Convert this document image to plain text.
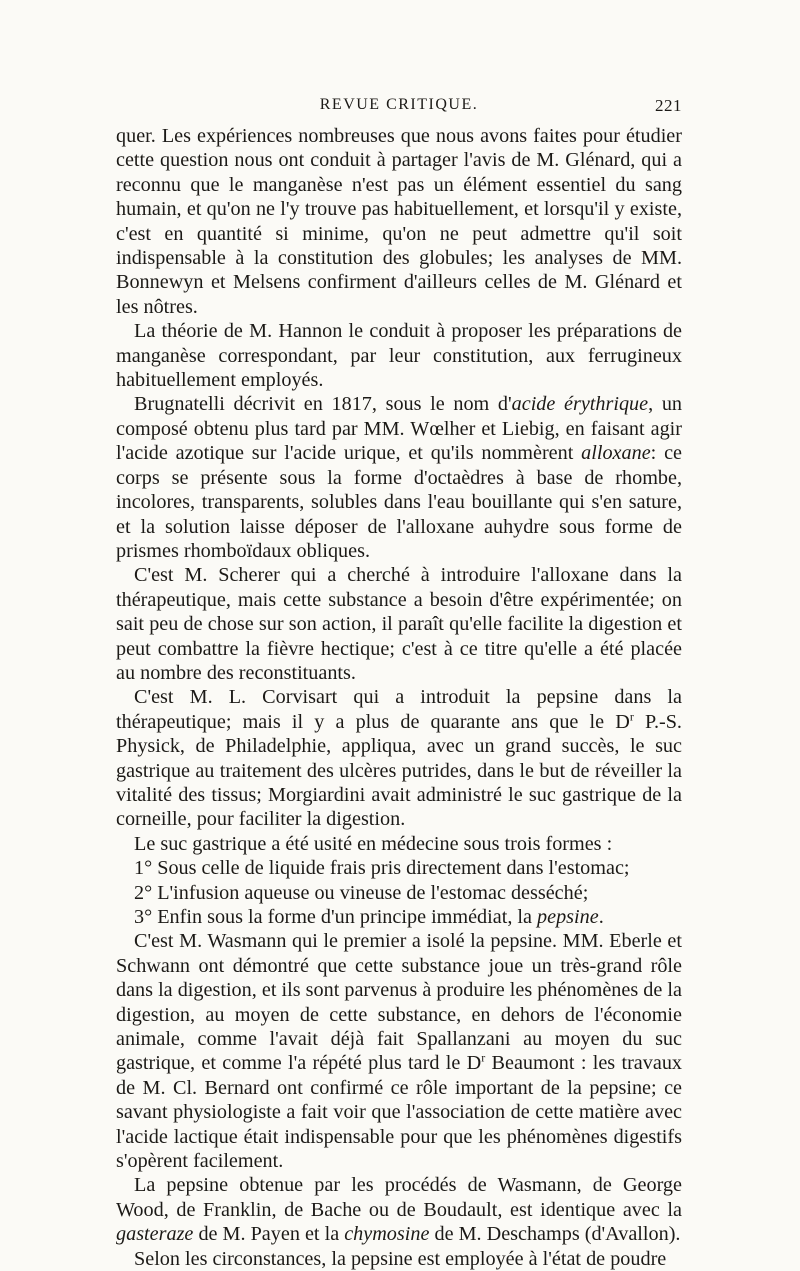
REVUE CRITIQUE.	221

quer. Les expériences nombreuses que nous avons faites pour étudier cette question nous ont conduit à partager l'avis de M. Glénard, qui a reconnu que le manganèse n'est pas un élément essentiel du sang humain, et qu'on ne l'y trouve pas habituellement, et lorsqu'il y existe, c'est en quantité si minime, qu'on ne peut admettre qu'il soit indispensable à la constitution des globules; les analyses de MM. Bonnewyn et Melsens confirment d'ailleurs celles de M. Glénard et les nôtres.

La théorie de M. Hannon le conduit à proposer les préparations de manganèse correspondant, par leur constitution, aux ferrugineux habituellement employés.

Brugnatelli décrivit en 1817, sous le nom d'acide érythrique, un composé obtenu plus tard par MM. Wœlher et Liebig, en faisant agir l'acide azotique sur l'acide urique, et qu'ils nommèrent alloxane: ce corps se présente sous la forme d'octaèdres à base de rhombe, incolores, transparents, solubles dans l'eau bouillante qui s'en sature, et la solution laisse déposer de l'alloxane auhydre sous forme de prismes rhomboïdaux obliques.

C'est M. Scherer qui a cherché à introduire l'alloxane dans la thérapeutique, mais cette substance a besoin d'être expérimentée; on sait peu de chose sur son action, il paraît qu'elle facilite la digestion et peut combattre la fièvre hectique; c'est à ce titre qu'elle a été placée au nombre des reconstituants.

C'est M. L. Corvisart qui a introduit la pepsine dans la thérapeutique; mais il y a plus de quarante ans que le $D^r$ P.-S. Physick, de Philadelphie, appliqua, avec un grand succès, le suc gastrique au traitement des ulcères putrides, dans le but de réveiller la vitalité des tissus; Morgiardini avait administré le suc gastrique de la corneille, pour faciliter la digestion.

Le suc gastrique a été usité en médecine sous trois formes :

1° Sous celle de liquide frais pris directement dans l'estomac;

2° L'infusion aqueuse ou vineuse de l'estomac desséché;

3° Enfin sous la forme d'un principe immédiat, la pepsine.

C'est M. Wasmann qui le premier a isolé la pepsine. MM. Eberle et Schwann ont démontré que cette substance joue un très-grand rôle dans la digestion, et ils sont parvenus à produire les phénomènes de la digestion, au moyen de cette substance, en dehors de l'économie animale, comme l'avait déjà fait Spallanzani au moyen du suc gastrique, et comme l'a répété plus tard le $D^r$ Beaumont : les travaux de M. Cl. Bernard ont confirmé ce rôle important de la pepsine; ce savant physiologiste a fait voir que l'association de cette matière avec l'acide lactique était indispensable pour que les phénomènes digestifs s'opèrent facilement.

La pepsine obtenue par les procédés de Wasmann, de George Wood, de Franklin, de Bache ou de Boudault, est identique avec la gasteraze de M. Payen et la chymosine de M. Deschamps (d'Avallon).

Selon les circonstances, la pepsine est employée à l'état de poudre
